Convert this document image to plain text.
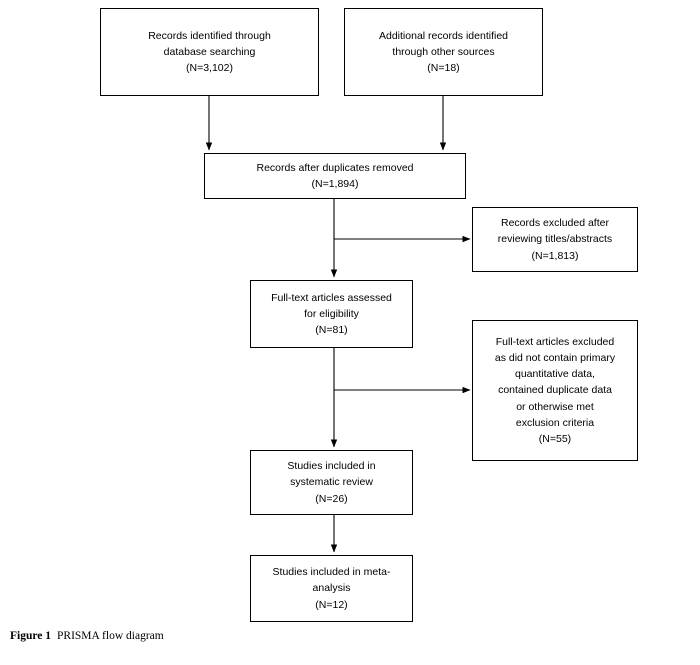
Records identified through
database searching
(N=3,102)
Additional records identified
through other sources
(N=18)
Records after duplicates removed
(N=1,894)
Records excluded after
reviewing titles/abstracts
(N=1,813)
Full-text articles assessed
for eligibility
(N=81)
Full-text articles excluded
as did not contain primary
quantitative data,
contained duplicate data
or otherwise met
exclusion criteria
(N=55)
Studies included in
systematic review
(N=26)
Studies included in meta-
analysis
(N=12)
Figure 1 PRISMA flow diagram
